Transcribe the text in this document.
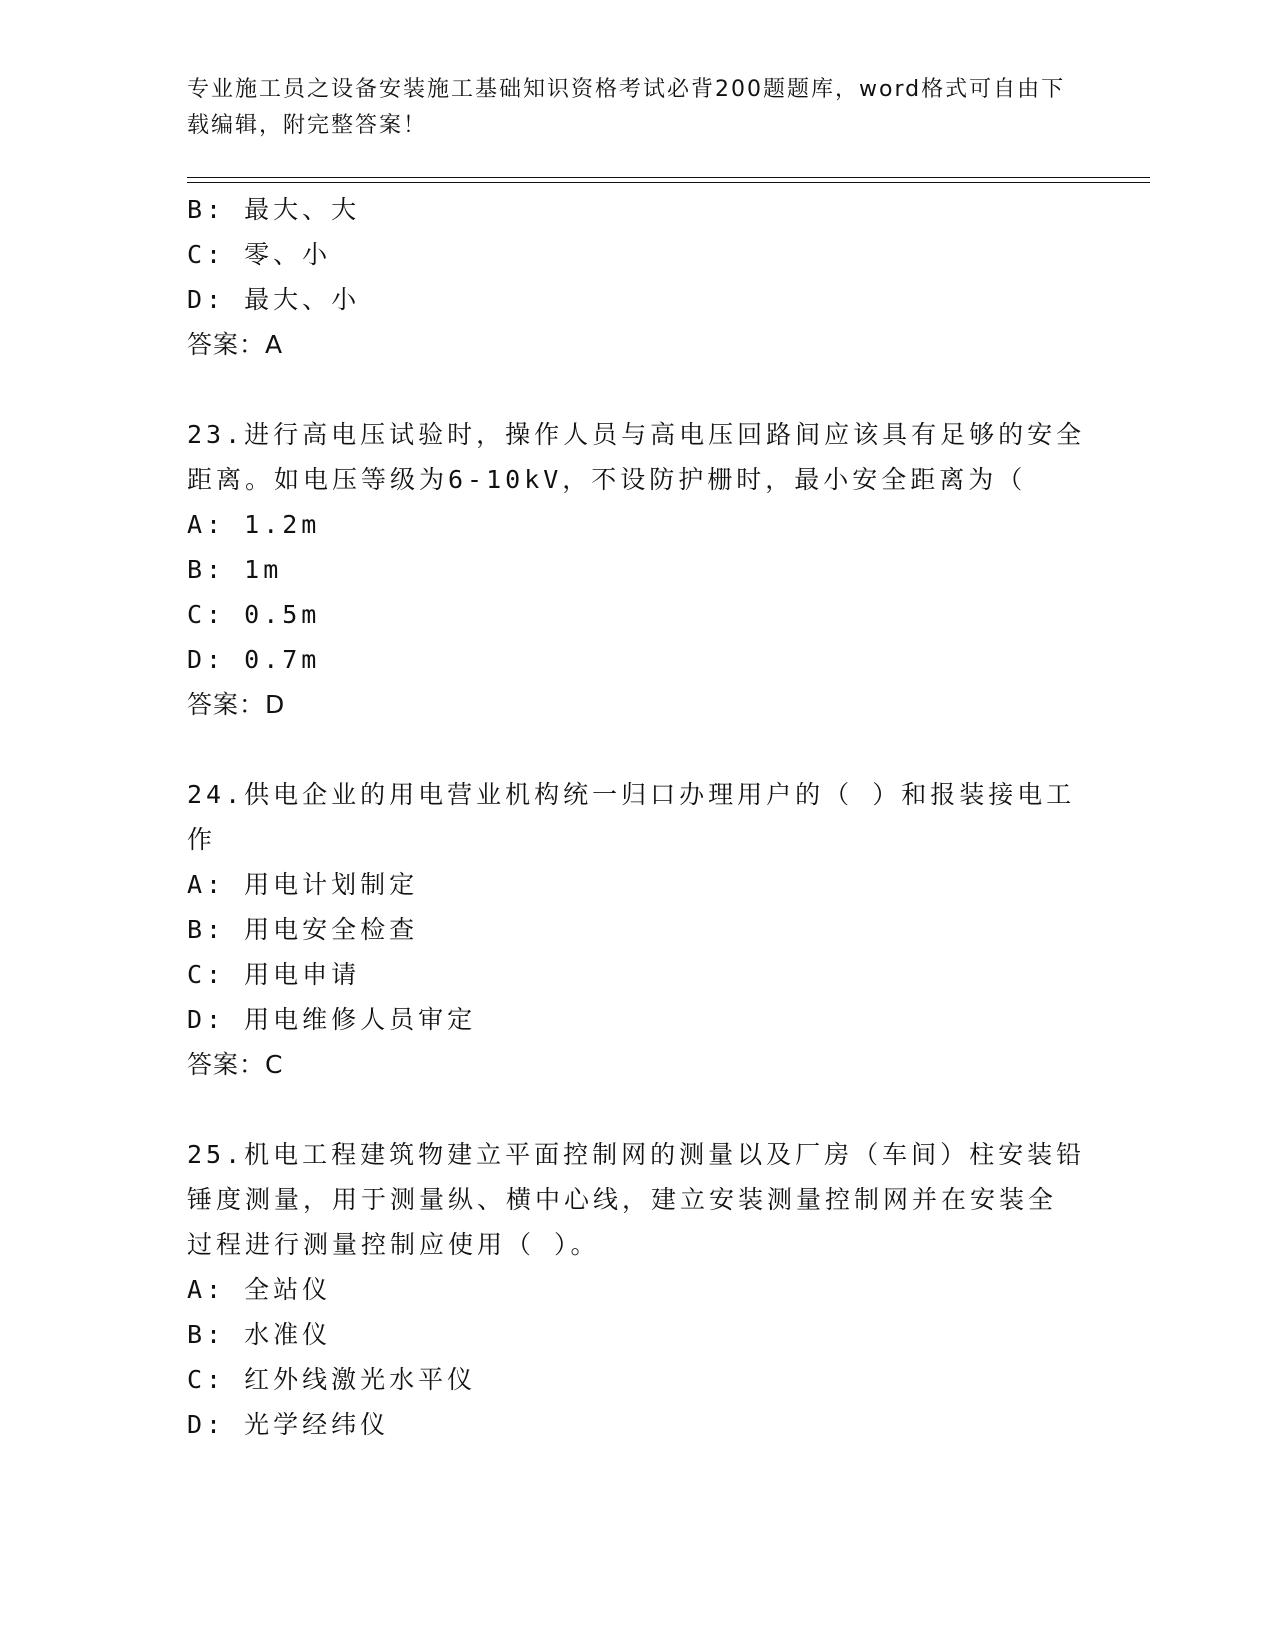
专业施工员之设备安装施工基础知识资格考试必背200题题库，word格式可自由下载编辑，附完整答案！
B: 最大、大
C: 零、小
D: 最大、小
答案：A
23.进行高电压试验时，操作人员与高电压回路间应该具有足够的安全
距离。如电压等级为6-10kV，不设防护栅时，最小安全距离为（
A: 1.2m
B: 1m
C: 0.5m
D: 0.7m
答案：D
24.供电企业的用电营业机构统一归口办理用户的（ ）和报装接电工
作
A: 用电计划制定
B: 用电安全检查
C: 用电申请
D: 用电维修人员审定
答案：C
25.机电工程建筑物建立平面控制网的测量以及厂房（车间）柱安装铅
锤度测量，用于测量纵、横中心线，建立安装测量控制网并在安装全
过程进行测量控制应使用（ ）。
A: 全站仪
B: 水准仪
C: 红外线激光水平仪
D: 光学经纬仪
